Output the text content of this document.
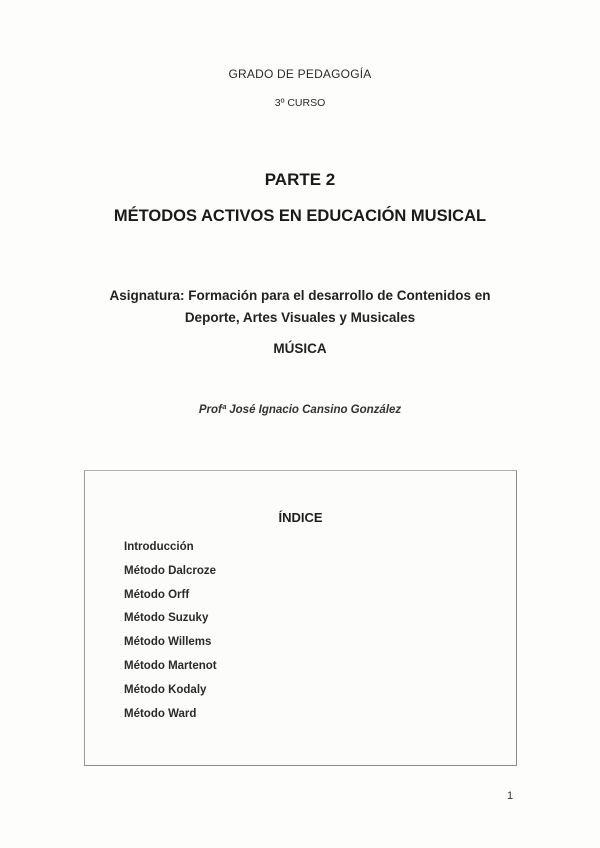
GRADO DE PEDAGOGÍA
3º CURSO
PARTE 2
MÉTODOS ACTIVOS EN EDUCACIÓN MUSICAL
Asignatura: Formación para el desarrollo de Contenidos en
Deporte, Artes Visuales y Musicales
MÚSICA
Profª José Ignacio Cansino González
ÍNDICE
Introducción
Método Dalcroze
Método Orff
Método Suzuky
Método Willems
Método Martenot
Método Kodaly
Método Ward
1
